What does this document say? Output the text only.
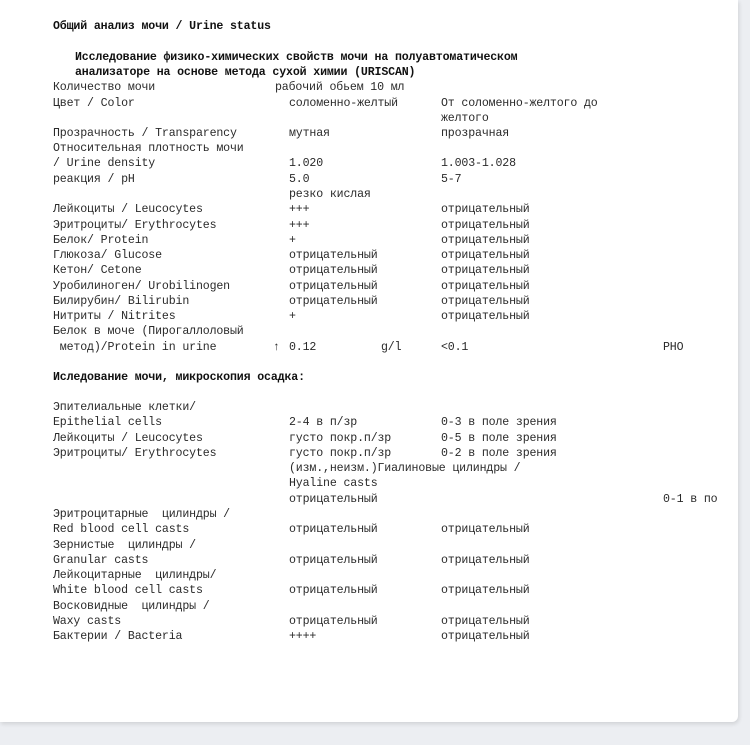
Общий анализ мочи / Urine status
Исследование физико-химических свойств мочи на полуавтоматическом
анализаторе на основе метода сухой химии (URISCAN)
Количество мочи	рабочий обьем 10 мл
Цвет / Color	соломенно-желтый	От соломенно-желтого до
желтого
Прозрачность / Transparency	мутная	прозрачная
Относительная плотность мочи
/ Urine density	1.020	1.003-1.028
реакция / pH	5.0	5-7
резко кислая
Лейкоциты / Leucocytes	+++	отрицательный
Эритроциты/ Erythrocytes	+++	отрицательный
Белок/ Protein	+	отрицательный
Глюкоза/ Glucose	отрицательный	отрицательный
Кетон/ Cetone	отрицательный	отрицательный
Уробилиноген/ Urobilinogen	отрицательный	отрицательный
Билирубин/ Bilirubin	отрицательный	отрицательный
Нитриты / Nitrites	+	отрицательный
Белок в моче (Пирогаллоловый
метод)/Protein in urine	↑ 0.12	g/l	<0.1	PHO
Иследование мочи, микроскопия осадка:
Эпителиальные клетки/
Epithelial cells	2-4 в п/зр	0-3 в поле зрения
Лейкоциты / Leucocytes	густо покр.п/зр	0-5 в поле зрения
Эритроциты/ Erythrocytes	густо покр.п/зр	0-2 в поле зрения
(изм.,неизм.)Гиалиновые цилиндры /
Hyaline casts
отрицательный	0-1 в по
Эритроцитарные  цилиндры /
Red blood cell casts	отрицательный	отрицательный
Зернистые  цилиндры /
Granular casts	отрицательный	отрицательный
Лейкоцитарные  цилиндры/
White blood cell casts	отрицательный	отрицательный
Восковидные  цилиндры /
Waxy casts	отрицательный	отрицательный
Бактерии / Bacteria	++++	отрицательный
